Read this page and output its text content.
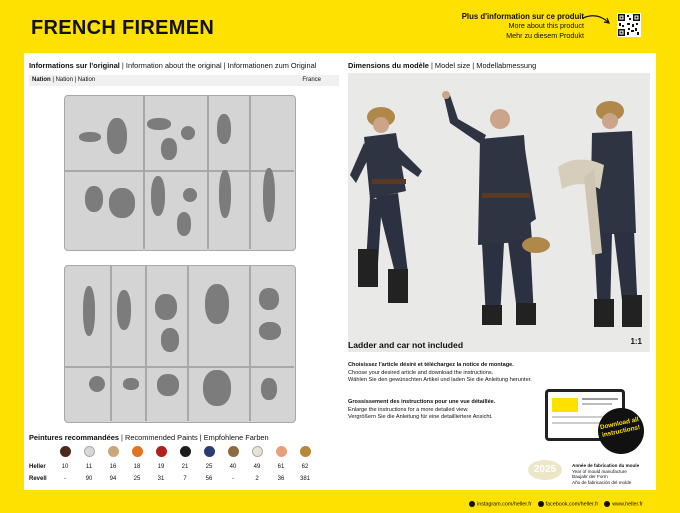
FRENCH FIREMEN
Plus d'information sur ce produit
More about this product
Mehr zu diesem Produkt
Informations sur l'original | Information about the original | Informationen zum Original
Nation | Nation | Nation	France
Dimensions du modèle | Model size | Modellabmessung
1:1
Ladder and car not included
Choisissez l'article désiré et téléchargez la notice de montage.
Choose your desired article and download the instructions.
Wählen Sie den gewünschten Artikel und laden Sie die Anleitung herunter.
Grossissement des instructions pour une vue détaillée.
Enlarge the instructions for a more detailed view.
Vergrößern Sie die Anleitung für eine detailliertere Ansicht.
Peintures recommandées | Recommended Paints | Empfohlene Farben
Heller	10	11	16	18	19	21	25	40	49	61	62
Revell	-	90	94	25	31	7	56	-	2	36	381
2025	Année de fabrication du moule
Year of mould manufacture
Baujahr der Form
Año de fabricación del molde
Download all instructions!
instagram.com/heller.fr	facebook.com/heller.fr	www.heller.fr
